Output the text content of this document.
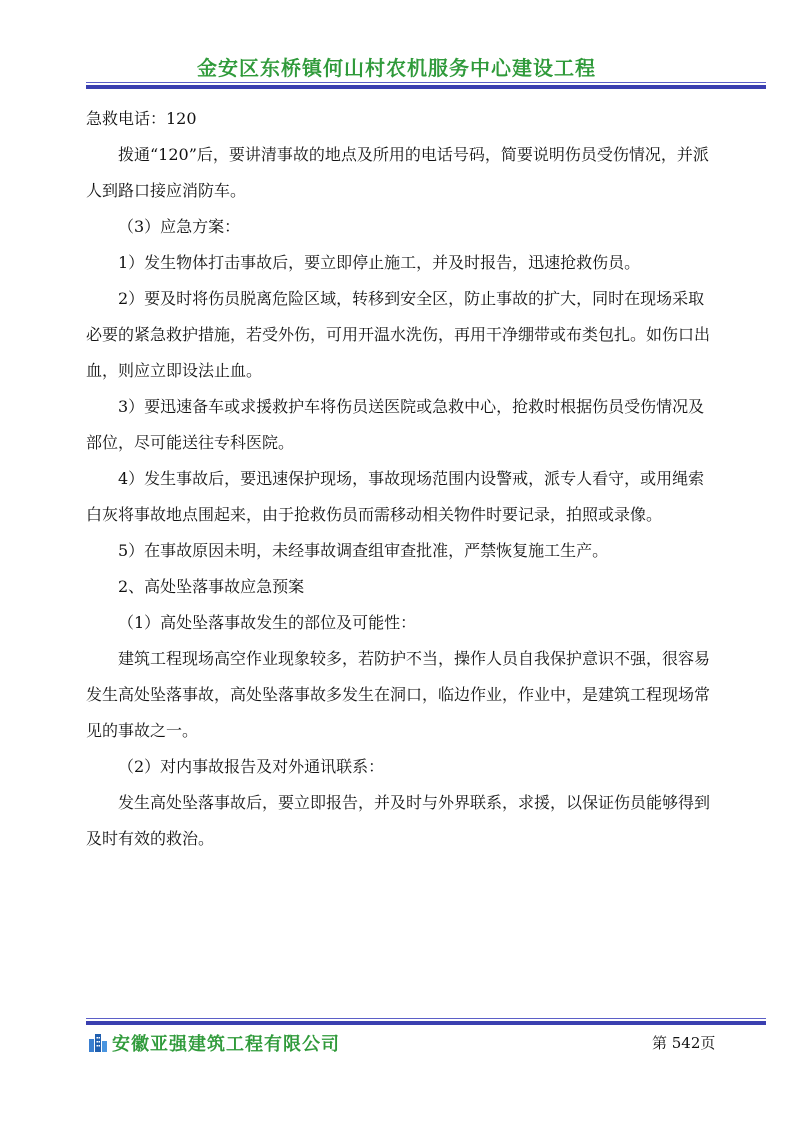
金安区东桥镇何山村农机服务中心建设工程

急救电话：120

拨通“120”后，要讲清事故的地点及所用的电话号码，简要说明伤员受伤情况，并派人到路口接应消防车。

（3）应急方案：

1）发生物体打击事故后，要立即停止施工，并及时报告，迅速抢救伤员。

2）要及时将伤员脱离危险区域，转移到安全区，防止事故的扩大，同时在现场采取必要的紧急救护措施，若受外伤，可用开温水洗伤，再用干净绷带或布类包扎。如伤口出血，则应立即设法止血。

3）要迅速备车或求援救护车将伤员送医院或急救中心，抢救时根据伤员受伤情况及部位，尽可能送往专科医院。

4）发生事故后，要迅速保护现场，事故现场范围内设警戒，派专人看守，或用绳索白灰将事故地点围起来，由于抢救伤员而需移动相关物件时要记录，拍照或录像。

5）在事故原因未明，未经事故调查组审查批准，严禁恢复施工生产。

2、高处坠落事故应急预案

（1）高处坠落事故发生的部位及可能性：

建筑工程现场高空作业现象较多，若防护不当，操作人员自我保护意识不强，很容易发生高处坠落事故，高处坠落事故多发生在洞口，临边作业，作业中，是建筑工程现场常见的事故之一。

（2）对内事故报告及对外通讯联系：

发生高处坠落事故后，要立即报告，并及时与外界联系，求援，以保证伤员能够得到及时有效的救治。

安徽亚强建筑工程有限公司	第 542页
